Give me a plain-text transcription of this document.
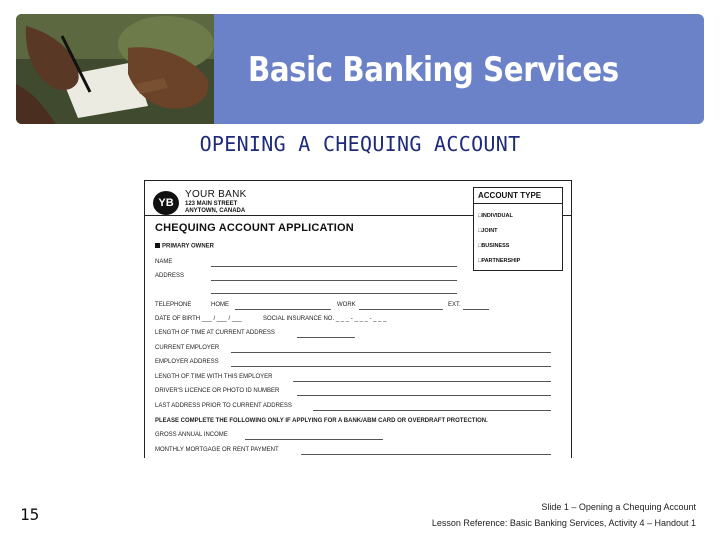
Basic Banking Services
OPENING A CHEQUING ACCOUNT
YB
YOUR BANK
123 MAIN STREET
ANYTOWN, CANADA
CHEQUING ACCOUNT APPLICATION
ACCOUNT TYPE
□ INDIVIDUAL
□ JOINT
□ BUSINESS
□ PARTNERSHIP
PRIMARY OWNER
NAME
ADDRESS
TELEPHONE	HOME	WORK	EXT.
DATE OF BIRTH ___ / ___ / ___	SOCIAL INSURANCE NO. _ _ _ - _ _ _ - _ _ _
LENGTH OF TIME AT CURRENT ADDRESS
CURRENT EMPLOYER
EMPLOYER ADDRESS
LENGTH OF TIME WITH THIS EMPLOYER
DRIVER'S LICENCE OR PHOTO ID NUMBER
LAST ADDRESS PRIOR TO CURRENT ADDRESS
PLEASE COMPLETE THE FOLLOWING ONLY IF APPLYING FOR A BANK/ABM CARD OR OVERDRAFT PROTECTION.
GROSS ANNUAL INCOME
MONTHLY MORTGAGE OR RENT PAYMENT
15	Slide 1 – Opening a Chequing Account
Lesson Reference: Basic Banking Services, Activity 4 – Handout 1
